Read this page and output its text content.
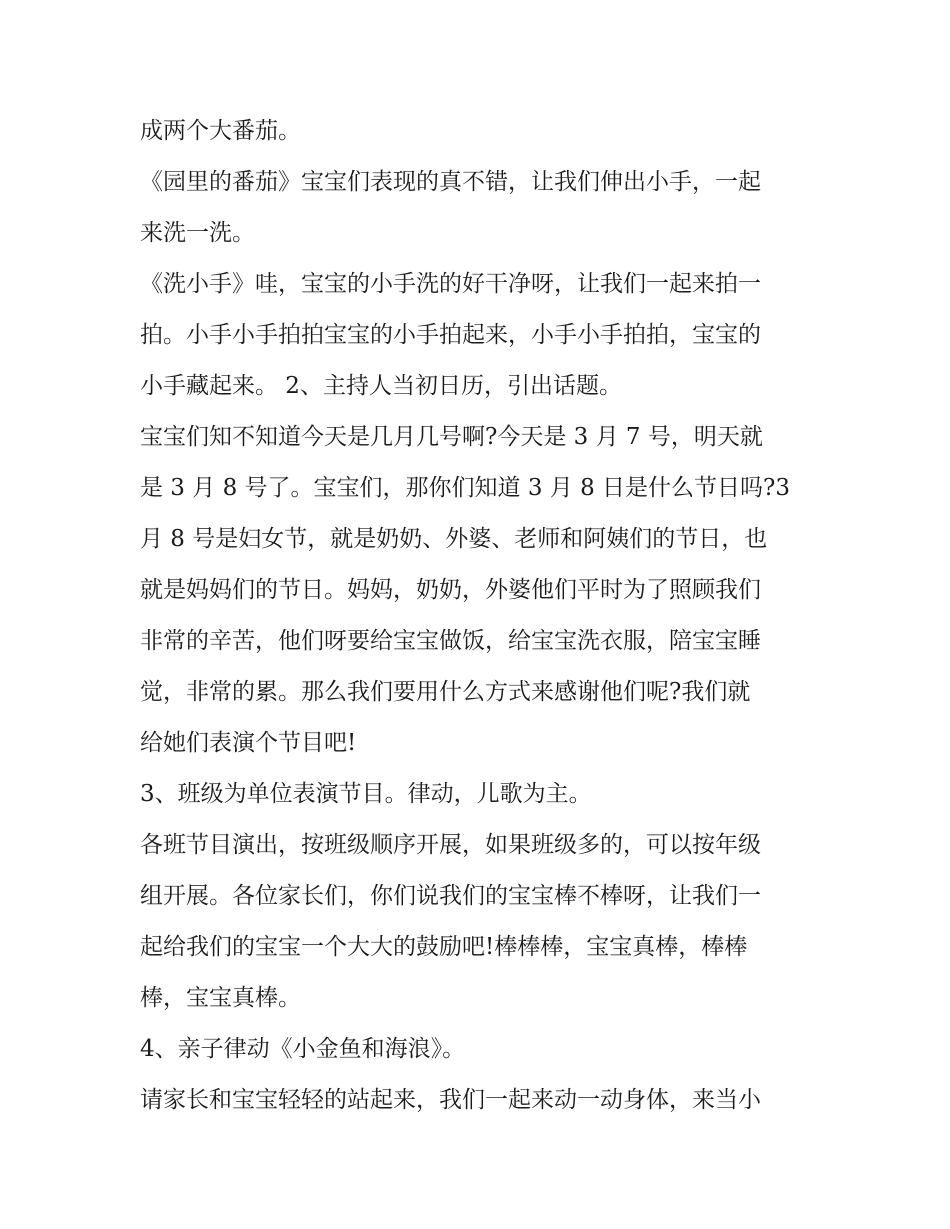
成两个大番茄。
《园里的番茄》宝宝们表现的真不错，让我们伸出小手，一起
来洗一洗。
《洗小手》哇，宝宝的小手洗的好干净呀，让我们一起来拍一
拍。小手小手拍拍宝宝的小手拍起来，小手小手拍拍，宝宝的
小手藏起来。 2、主持人当初日历，引出话题。
宝宝们知不知道今天是几月几号啊?今天是 3 月 7 号，明天就
是 3 月 8 号了。宝宝们，那你们知道 3 月 8 日是什么节日吗?3
月 8 号是妇女节，就是奶奶、外婆、老师和阿姨们的节日，也
就是妈妈们的节日。妈妈，奶奶，外婆他们平时为了照顾我们
非常的辛苦，他们呀要给宝宝做饭，给宝宝洗衣服，陪宝宝睡
觉，非常的累。那么我们要用什么方式来感谢他们呢?我们就
给她们表演个节目吧!
3、班级为单位表演节目。律动，儿歌为主。
各班节目演出，按班级顺序开展，如果班级多的，可以按年级
组开展。各位家长们，你们说我们的宝宝棒不棒呀，让我们一
起给我们的宝宝一个大大的鼓励吧!棒棒棒，宝宝真棒，棒棒
棒，宝宝真棒。
4、亲子律动《小金鱼和海浪》。
请家长和宝宝轻轻的站起来，我们一起来动一动身体，来当小
